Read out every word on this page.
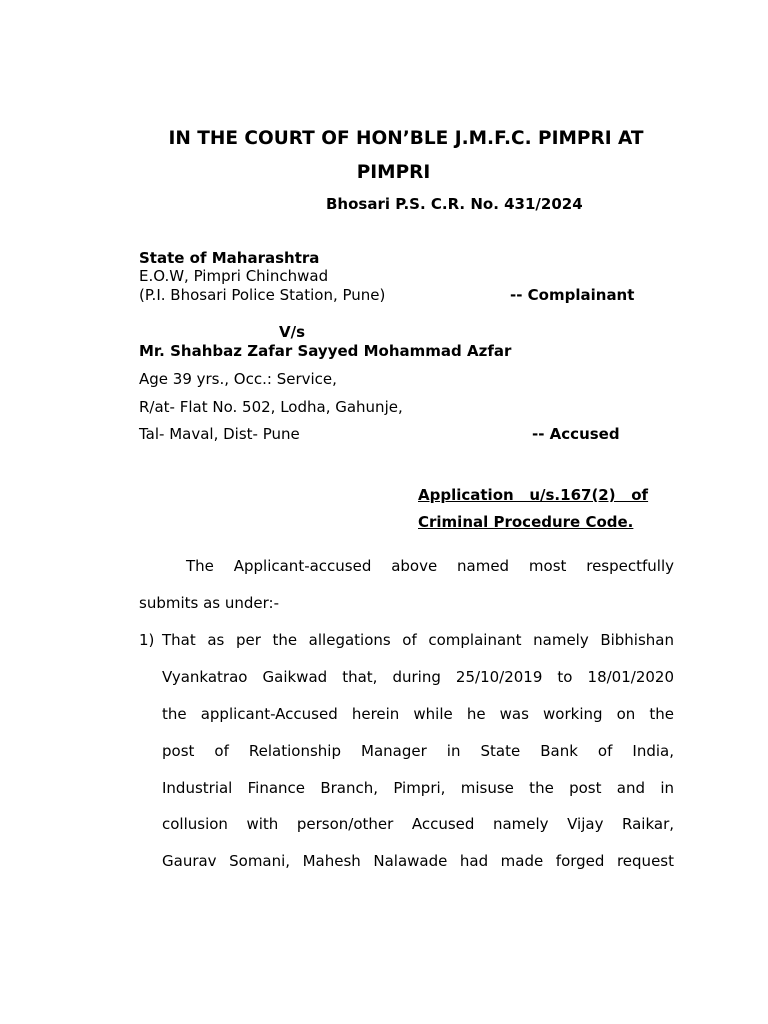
IN THE COURT OF HON’BLE J.M.F.C. PIMPRI AT
PIMPRI
Bhosari P.S. C.R. No. 431/2024
State of Maharashtra
E.O.W, Pimpri Chinchwad
(P.I. Bhosari Police Station, Pune)	-- Complainant
V/s
Mr. Shahbaz Zafar Sayyed Mohammad Azfar
Age 39 yrs., Occ.: Service,
R/at- Flat No. 502, Lodha, Gahunje,
Tal- Maval, Dist- Pune	-- Accused
Application   u/s.167(2)   of
Criminal Procedure Code.
The Applicant-accused above named most respectfully
submits as under:-
1) That as per the allegations of complainant namely Bibhishan
Vyankatrao Gaikwad that, during 25/10/2019 to 18/01/2020
the applicant-Accused herein while he was working on the
post of Relationship Manager in State Bank of India,
Industrial Finance Branch, Pimpri, misuse the post and in
collusion with person/other Accused namely Vijay Raikar,
Gaurav Somani, Mahesh Nalawade had made forged request
